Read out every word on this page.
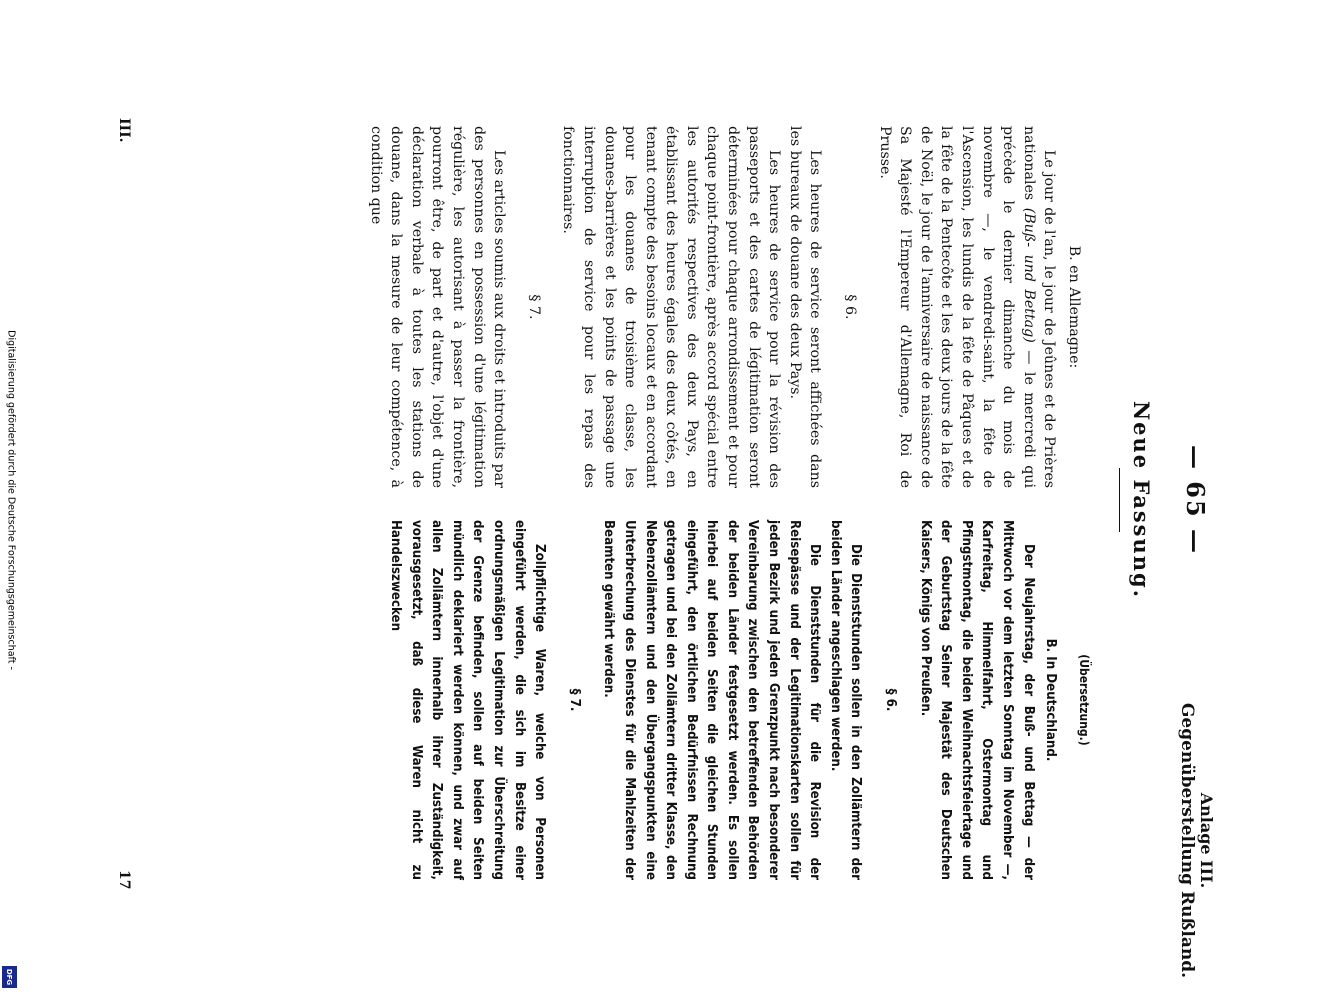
Digitalisierung gefördert durch die Deutsche Forschungsgemeinschaft -
DFG
— 65 —
Anlage III.
Gegenüberstellung Rußland.
Neue Fassung.

B. en Allemagne:

Le jour de l'an, le jour de Jeûnes et de Prières nationales (Buß- und Bettag) — le mercredi qui précède le dernier dimanche du mois de novembre —, le vendredi-saint, la fête de l'Ascension, les lundis de la fête de Pâques et de la fête de la Pentecôte et les deux jours de la fête de Noël, le jour de l'anniversaire de naissance de Sa Majesté l'Empereur d'Allemagne, Roi de Prusse.

§ 6.

Les heures de service seront affichées dans les bureaux de douane des deux Pays.

Les heures de service pour la révision des passeports et des cartes de légitimation seront déterminées pour chaque arrondissement et pour chaque point-frontière, après accord spécial entre les autorités respectives des deux Pays, en établissant des heures égales des deux côtés, en tenant compte des besoins locaux et en accordant pour les douanes de troisième classe, les douanes-barrières et les points de passage une interruption de service pour les repas des fonctionnaires.

§ 7.

Les articles soumis aux droits et introduits par des personnes en possession d'une légitimation régulière, les autorisant à passer la frontière, pourront être, de part et d'autre, l'objet d'une déclaration verbale à toutes les stations de douane, dans la mesure de leur compétence, à condition que

(Übersetzung.)

B. In Deutschland.

Der Neujahrstag, der Buß- und Bettag — der Mittwoch vor dem letzten Sonntag im November —, Karfreitag, Himmelfahrt, Ostermontag und Pfingstmontag, die beiden Weihnachtsfeiertage und der Geburtstag Seiner Majestät des Deutschen Kaisers, Königs von Preußen.

§ 6.

Die Dienststunden sollen in den Zollämtern der beiden Länder angeschlagen werden.

Die Dienststunden für die Revision der Reisepässe und der Legitimationskarten sollen für jeden Bezirk und jeden Grenzpunkt nach besonderer Vereinbarung zwischen den betreffenden Behörden der beiden Länder festgesetzt werden. Es sollen hierbei auf beiden Seiten die gleichen Stunden eingeführt, den örtlichen Bedürfnissen Rechnung getragen und bei den Zollämtern dritter Klasse, den Nebenzollämtern und den Übergangspunkten eine Unterbrechung des Dienstes für die Mahlzeiten der Beamten gewährt werden.

§ 7.

Zollpflichtige Waren, welche von Personen eingeführt werden, die sich im Besitze einer ordnungsmäßigen Legitimation zur Überschreitung der Grenze befinden, sollen auf beiden Seiten mündlich deklariert werden können, und zwar auf allen Zollämtern innerhalb ihrer Zuständigkeit, vorausgesetzt, daß diese Waren nicht zu Handelszwecken

III.
17
